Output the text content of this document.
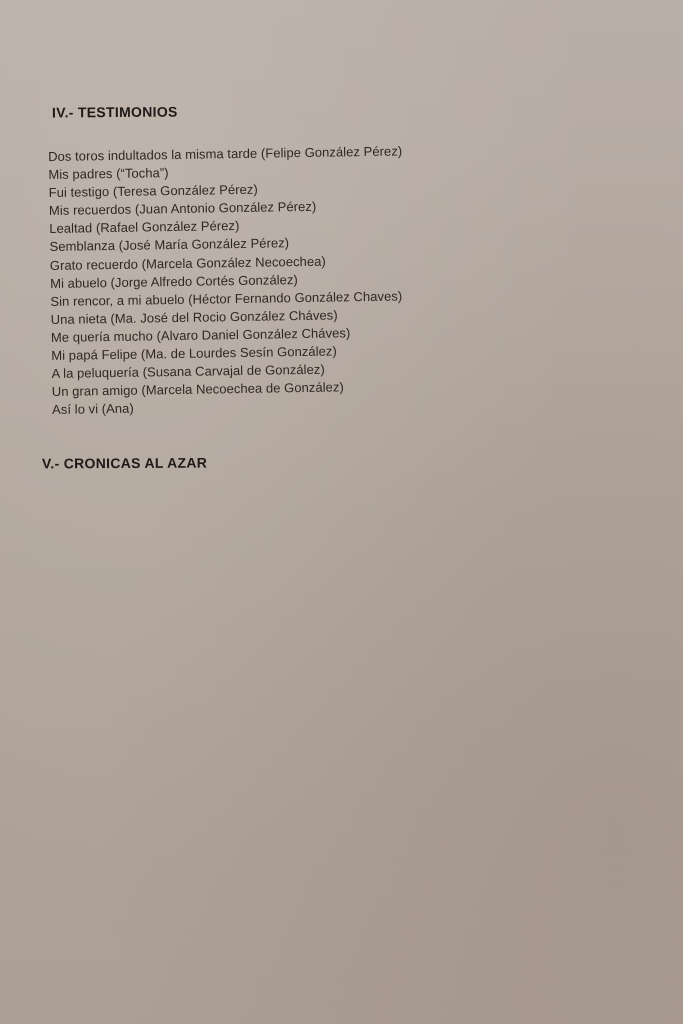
IV.- TESTIMONIOS
Dos toros indultados la misma tarde (Felipe González Pérez)
Mis padres (“Tocha”)
Fui testigo (Teresa González Pérez)
Mis recuerdos (Juan Antonio González Pérez)
Lealtad (Rafael González Pérez)
Semblanza (José María González Pérez)
Grato recuerdo (Marcela González Necoechea)
Mi abuelo (Jorge Alfredo Cortés González)
Sin rencor, a mi abuelo (Héctor Fernando González Chaves)
Una nieta (Ma. José del Rocio González Cháves)
Me quería mucho (Alvaro Daniel González Cháves)
Mi papá Felipe (Ma. de Lourdes Sesín González)
A la peluquería (Susana Carvajal de González)
Un gran amigo (Marcela Necoechea de González)
Así lo vi (Ana)
V.- CRONICAS AL AZAR
